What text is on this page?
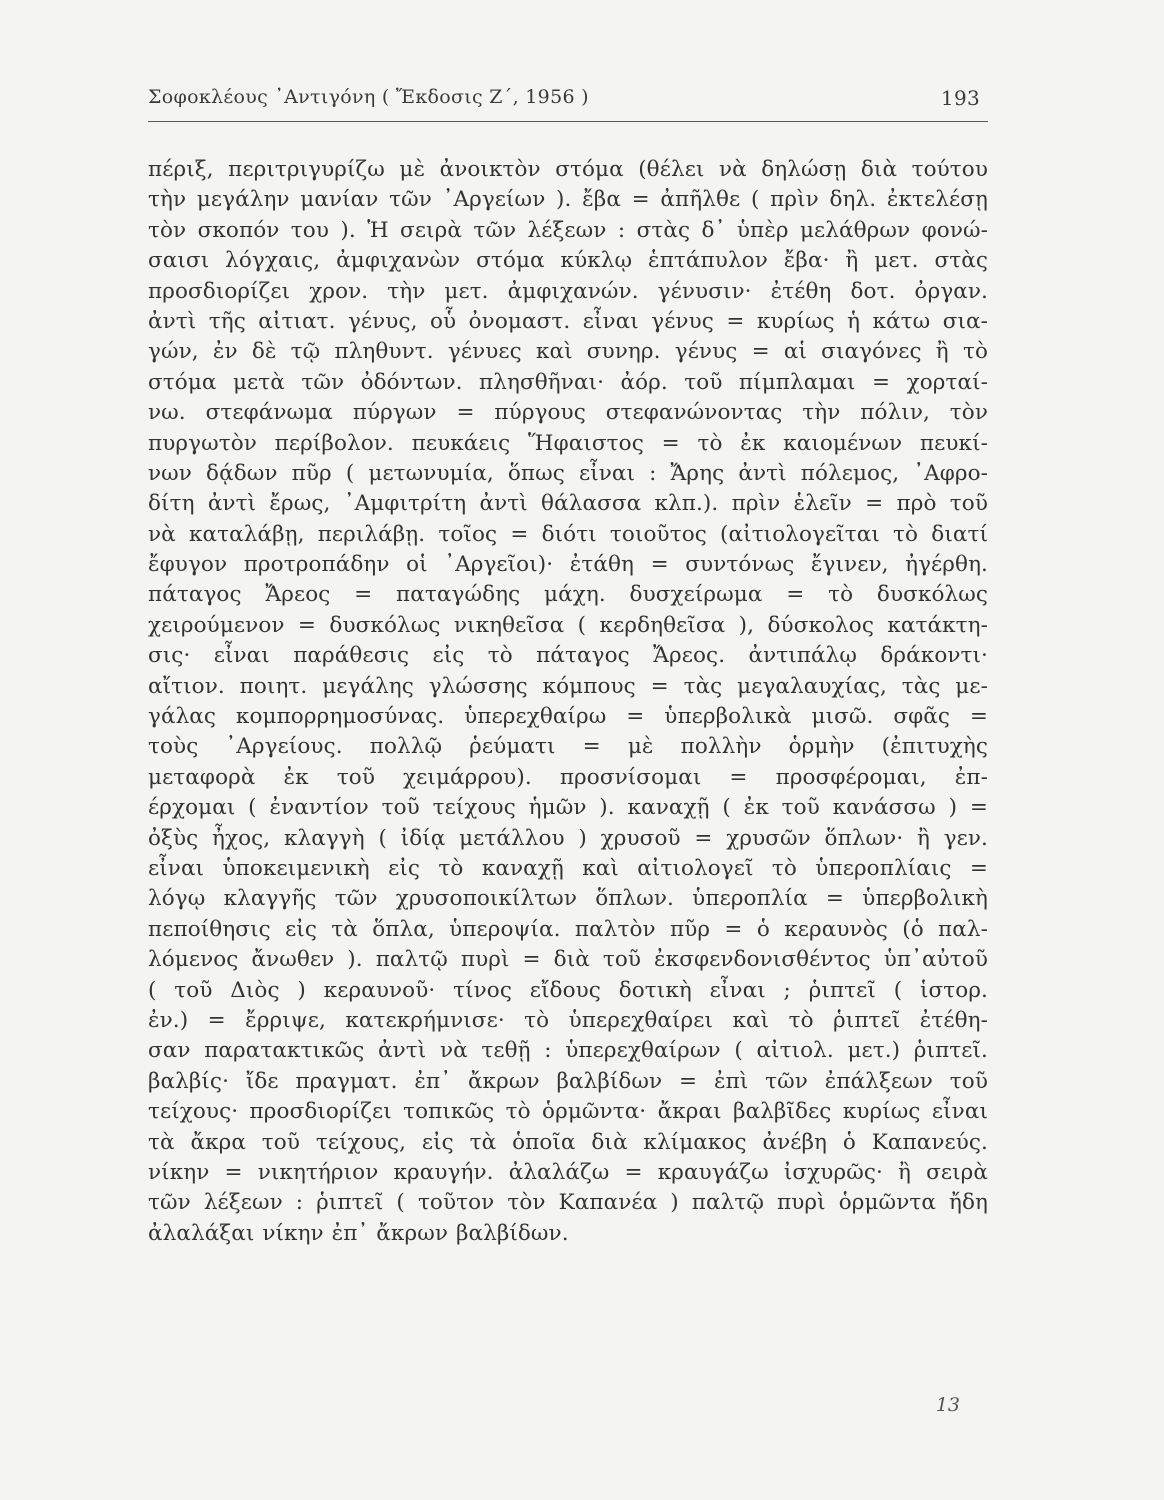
Σοφοκλέους ᾿Αντιγόνη ( Ἔκδοσις Ζ΄, 1956 )	193
πέριξ, περιτριγυρίζω μὲ ἀνοικτὸν στόμα (θέλει νὰ δηλώσῃ διὰ τούτου
τὴν μεγάλην μανίαν τῶν ᾿Αργείων ). ἔβα = ἀπῆλθε ( πρὶν δηλ. ἐκτελέσῃ
τὸν σκοπόν του ). Ἡ σειρὰ τῶν λέξεων : στὰς δ᾿ ὑπὲρ μελάθρων φονώ-
σαισι λόγχαις, ἀμφιχανὼν στόμα κύκλῳ ἑπτάπυλον ἔβα· ἢ μετ. στὰς
προσδιορίζει χρον. τὴν μετ. ἀμφιχανών. γένυσιν· ἐτέθη δοτ. ὀργαν.
ἀντὶ τῆς αἰτιατ. γένυς, οὗ ὀνομαστ. εἶναι γένυς = κυρίως ἡ κάτω σια-
γών, ἐν δὲ τῷ πληθυντ. γένυες καὶ συνηρ. γένυς = αἱ σιαγόνες ἢ τὸ
στόμα μετὰ τῶν ὀδόντων. πλησθῆναι· ἀόρ. τοῦ πίμπλαμαι = χορταί-
νω. στεφάνωμα πύργων = πύργους στεφανώνοντας τὴν πόλιν, τὸν
πυργωτὸν περίβολον. πευκάεις Ἥφαιστος = τὸ ἐκ καιομένων πευκί-
νων δᾴδων πῦρ ( μετωνυμία, ὅπως εἶναι : Ἄρης ἀντὶ πόλεμος, ᾿Αφρο-
δίτη ἀντὶ ἔρως, ᾿Αμφιτρίτη ἀντὶ θάλασσα κλπ.). πρὶν ἑλεῖν = πρὸ τοῦ
νὰ καταλάβῃ, περιλάβῃ. τοῖος = διότι τοιοῦτος (αἰτιολογεῖται τὸ διατί
ἔφυγον προτροπάδην οἱ ᾿Αργεῖοι)· ἐτάθη = συντόνως ἔγινεν, ἠγέρθη.
πάταγος Ἄρεος = παταγώδης μάχη. δυσχείρωμα = τὸ δυσκόλως
χειρούμενον = δυσκόλως νικηθεῖσα ( κερδηθεῖσα ), δύσκολος κατάκτη-
σις· εἶναι παράθεσις εἰς τὸ πάταγος Ἄρεος. ἀντιπάλῳ δράκοντι·
αἴτιον. ποιητ. μεγάλης γλώσσης κόμπους = τὰς μεγαλαυχίας, τὰς με-
γάλας κομπορρημοσύνας. ὑπερεχθαίρω = ὑπερβολικὰ μισῶ. σφᾶς =
τοὺς ᾿Αργείους. πολλῷ ῥεύματι = μὲ πολλὴν ὁρμὴν (ἐπιτυχὴς
μεταφορὰ ἐκ τοῦ χειμάρρου). προσνίσομαι = προσφέρομαι, ἐπ-
έρχομαι ( ἐναντίον τοῦ τείχους ἡμῶν ). καναχῇ ( ἐκ τοῦ κανάσσω ) =
ὀξὺς ἦχος, κλαγγὴ ( ἰδίᾳ μετάλλου ) χρυσοῦ = χρυσῶν ὅπλων· ἢ γεν.
εἶναι ὑποκειμενικὴ εἰς τὸ καναχῇ καὶ αἰτιολογεῖ τὸ ὑπεροπλίαις =
λόγῳ κλαγγῆς τῶν χρυσοποικίλτων ὅπλων. ὑπεροπλία = ὑπερβολικὴ
πεποίθησις εἰς τὰ ὅπλα, ὑπεροψία. παλτὸν πῦρ = ὁ κεραυνὸς (ὁ παλ-
λόμενος ἄνωθεν ). παλτῷ πυρὶ = διὰ τοῦ ἐκσφενδονισθέντος ὑπ᾿αὐτοῦ
( τοῦ Διὸς ) κεραυνοῦ· τίνος εἴδους δοτικὴ εἶναι ; ῥιπτεῖ ( ἱστορ.
ἐν.) = ἔρριψε, κατεκρήμνισε· τὸ ὑπερεχθαίρει καὶ τὸ ῥιπτεῖ ἐτέθη-
σαν παρατακτικῶς ἀντὶ νὰ τεθῇ : ὑπερεχθαίρων ( αἰτιολ. μετ.) ῥιπτεῖ.
βαλβίς· ἴδε πραγματ. ἐπ᾿ ἄκρων βαλβίδων = ἐπὶ τῶν ἐπάλξεων τοῦ
τείχους· προσδιορίζει τοπικῶς τὸ ὁρμῶντα· ἄκραι βαλβῖδες κυρίως εἶναι
τὰ ἄκρα τοῦ τείχους, εἰς τὰ ὁποῖα διὰ κλίμακος ἀνέβη ὁ Καπανεύς.
νίκην = νικητήριον κραυγήν. ἀλαλάζω = κραυγάζω ἰσχυρῶς· ἢ σειρὰ
τῶν λέξεων : ῥιπτεῖ ( τοῦτον τὸν Καπανέα ) παλτῷ πυρὶ ὁρμῶντα ἤδη
ἀλαλάξαι νίκην ἐπ᾿ ἄκρων βαλβίδων.
13
